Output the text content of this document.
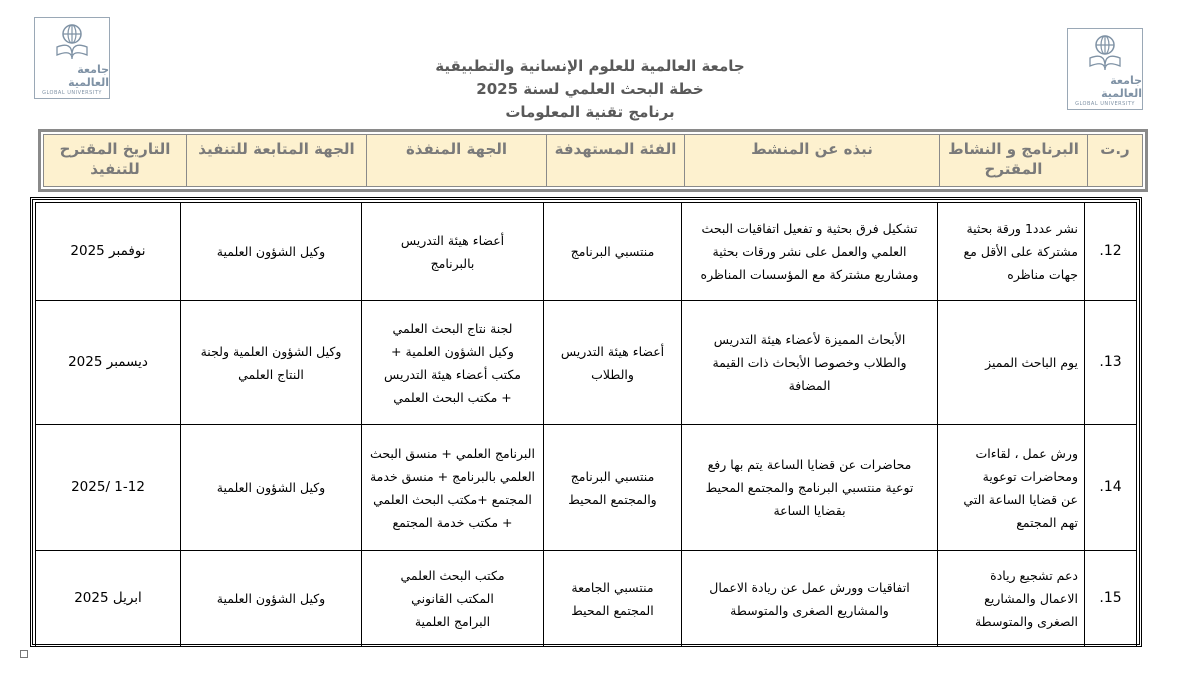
جامعة العالمية
GLOBAL UNIVERSITY
جامعة العالمية
GLOBAL UNIVERSITY
جامعة العالمية للعلوم الإنسانية والتطبيقية
خطة البحث العلمي لسنة 2025
برنامج تقنية المعلومات
ر.ت	البرنامج و النشاط المقترح	نبذه عن المنشط	الفئة المستهدفة	الجهة المنفذة	الجهة المتابعة للتنفيذ	التاريخ المقترح للتنفيذ
12.	نشر عدد1 ورقة بحثية
مشتركة على الأقل مع
جهات مناظره	تشكيل فرق بحثية و تفعيل اتفاقيات البحث
العلمي والعمل على نشر ورقات بحثية
ومشاريع مشتركة مع المؤسسات المناظره	منتسبي البرنامج	أعضاء هيئة التدريس
بالبرنامج	وكيل الشؤون العلمية	نوفمبر 2025
13.	يوم الباحث المميز	الأبحاث المميزة لأعضاء هيئة التدريس
والطلاب وخصوصا الأبحاث ذات القيمة
المضافة	أعضاء هيئة التدريس
والطلاب	لجنة نتاج البحث العلمي
وكيل الشؤون العلمية +
مكتب أعضاء هيئة التدريس
+ مكتب البحث العلمي	وكيل الشؤون العلمية ولجنة
النتاج العلمي	ديسمبر 2025
14.	ورش عمل ، لقاءات
ومحاضرات توعوية
عن قضايا الساعة التي
تهم المجتمع	محاضرات عن قضايا الساعة يتم بها رفع
توعية منتسبي البرنامج والمجتمع المحيط
بقضايا الساعة	منتسبي البرنامج
والمجتمع المحيط	البرنامج العلمي + منسق البحث
العلمي بالبرنامج + منسق خدمة
المجتمع +مكتب البحث العلمي
+ مكتب خدمة المجتمع	وكيل الشؤون العلمية	1-12 /2025
15.	دعم تشجيع ريادة
الاعمال والمشاريع
الصغرى والمتوسطة	اتفاقيات وورش عمل عن ريادة الاعمال
والمشاريع الصغرى والمتوسطة	منتسبي الجامعة
المجتمع المحيط	مكتب البحث العلمي
المكتب القانوني
البرامج العلمية	وكيل الشؤون العلمية	ابريل 2025
